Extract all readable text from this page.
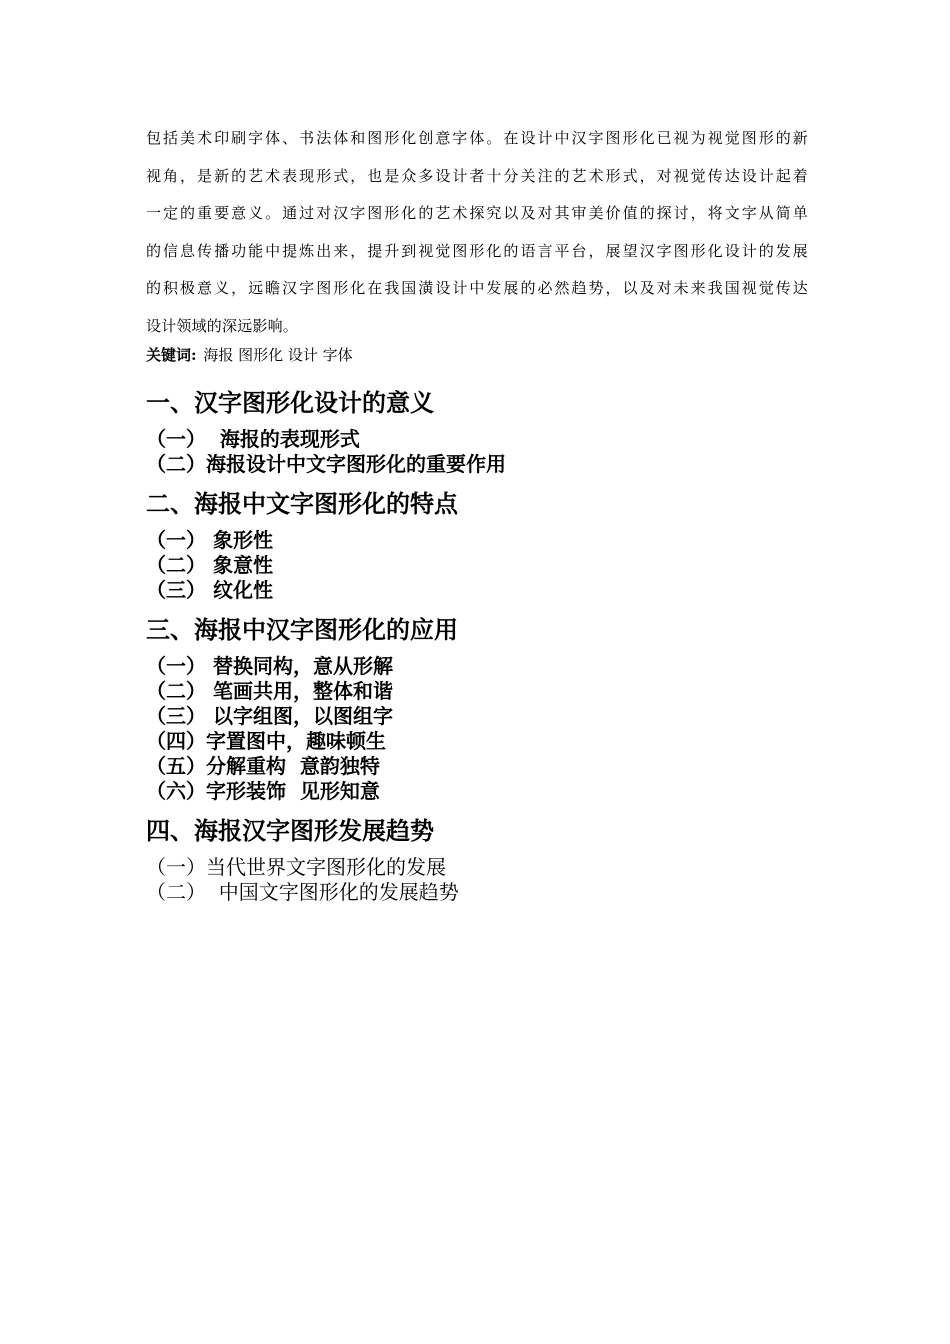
包括美术印刷字体、书法体和图形化创意字体。在设计中汉字图形化已视为视觉图形的新
视角，是新的艺术表现形式，也是众多设计者十分关注的艺术形式，对视觉传达设计起着
一定的重要意义。通过对汉字图形化的艺术探究以及对其审美价值的探讨，将文字从简单
的信息传播功能中提炼出来，提升到视觉图形化的语言平台，展望汉字图形化设计的发展
的积极意义，远瞻汉字图形化在我国潢设计中发展的必然趋势，以及对未来我国视觉传达
设计领域的深远影响。
关键词: 海报 图形化 设计 字体
一、汉字图形化设计的意义
（一）  海报的表现形式
（二）海报设计中文字图形化的重要作用
二、海报中文字图形化的特点
（一） 象形性
（二） 象意性
（三） 纹化性
三、海报中汉字图形化的应用
（一） 替换同构，意从形解
（二） 笔画共用，整体和谐
（三） 以字组图，以图组字
（四）字置图中，趣味顿生
（五）分解重构  意韵独特
（六）字形装饰  见形知意
四、海报汉字图形发展趋势
（一）当代世界文字图形化的发展
（二）  中国文字图形化的发展趋势
